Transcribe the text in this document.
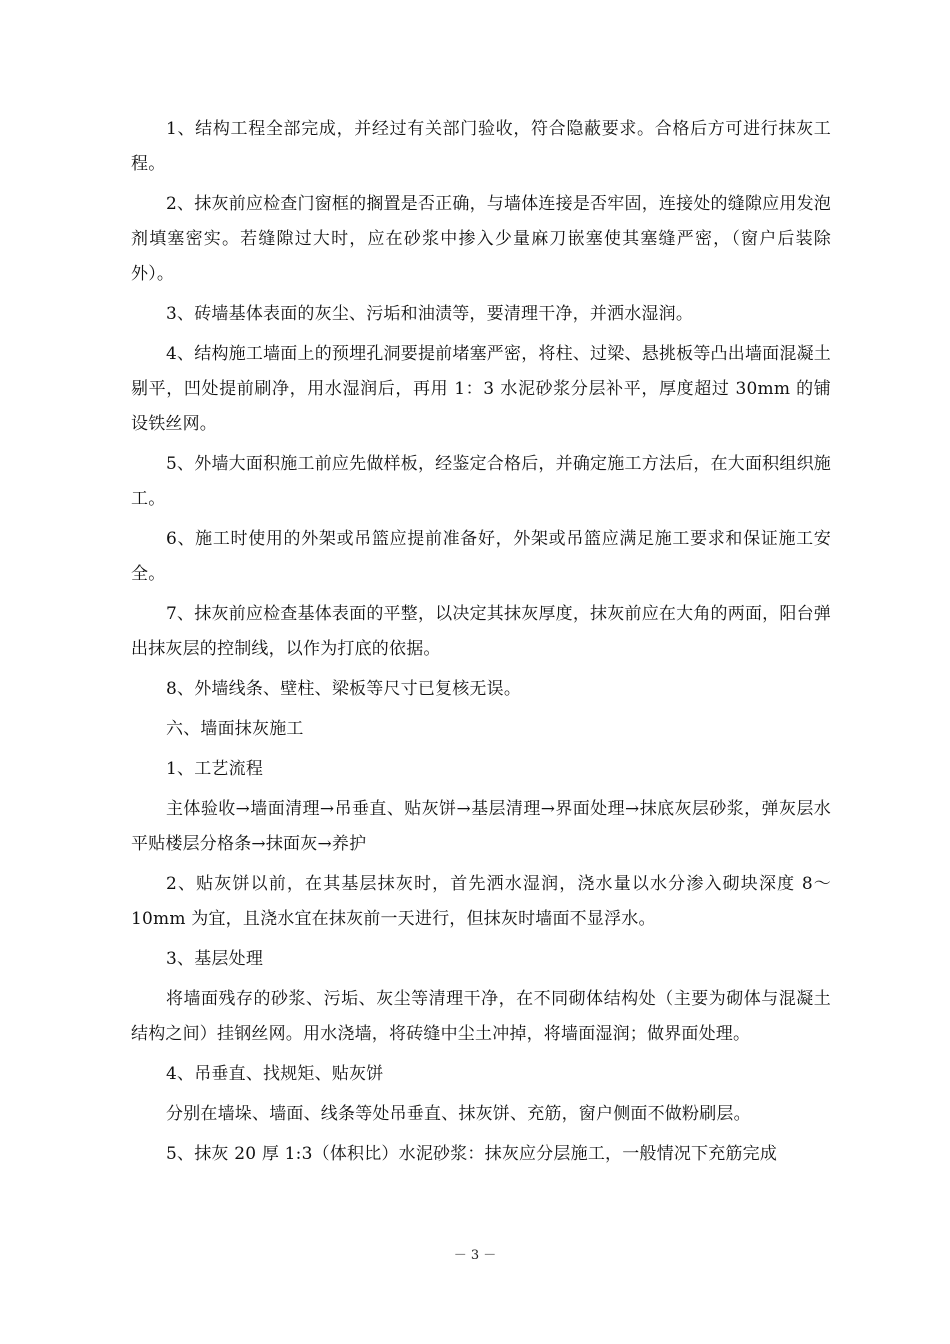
1、结构工程全部完成，并经过有关部门验收，符合隐蔽要求。合格后方可进行抹灰工程。

2、抹灰前应检查门窗框的搁置是否正确，与墙体连接是否牢固，连接处的缝隙应用发泡剂填塞密实。若缝隙过大时，应在砂浆中掺入少量麻刀嵌塞使其塞缝严密，（窗户后装除外）。

3、砖墙基体表面的灰尘、污垢和油渍等，要清理干净，并洒水湿润。

4、结构施工墙面上的预埋孔洞要提前堵塞严密，将柱、过梁、悬挑板等凸出墙面混凝土剔平，凹处提前刷净，用水湿润后，再用 1：3 水泥砂浆分层补平，厚度超过 30mm 的铺设铁丝网。

5、外墙大面积施工前应先做样板，经鉴定合格后，并确定施工方法后，在大面积组织施工。

6、施工时使用的外架或吊篮应提前准备好，外架或吊篮应满足施工要求和保证施工安全。

7、抹灰前应检查基体表面的平整，以决定其抹灰厚度，抹灰前应在大角的两面，阳台弹出抹灰层的控制线，以作为打底的依据。

8、外墙线条、壁柱、梁板等尺寸已复核无误。

六、墙面抹灰施工

1、工艺流程

主体验收→墙面清理→吊垂直、贴灰饼→基层清理→界面处理→抹底灰层砂浆，弹灰层水平贴楼层分格条→抹面灰→养护

2、贴灰饼以前，在其基层抹灰时，首先洒水湿润，浇水量以水分渗入砌块深度 8～10mm 为宜，且浇水宜在抹灰前一天进行，但抹灰时墙面不显浮水。

3、基层处理

将墙面残存的砂浆、污垢、灰尘等清理干净，在不同砌体结构处（主要为砌体与混凝土结构之间）挂钢丝网。用水浇墙，将砖缝中尘土冲掉，将墙面湿润；做界面处理。

4、吊垂直、找规矩、贴灰饼

分别在墙垛、墙面、线条等处吊垂直、抹灰饼、充筋，窗户侧面不做粉刷层。

5、抹灰 20 厚 1:3（体积比）水泥砂浆：抹灰应分层施工，一般情况下充筋完成

－ 3 －
